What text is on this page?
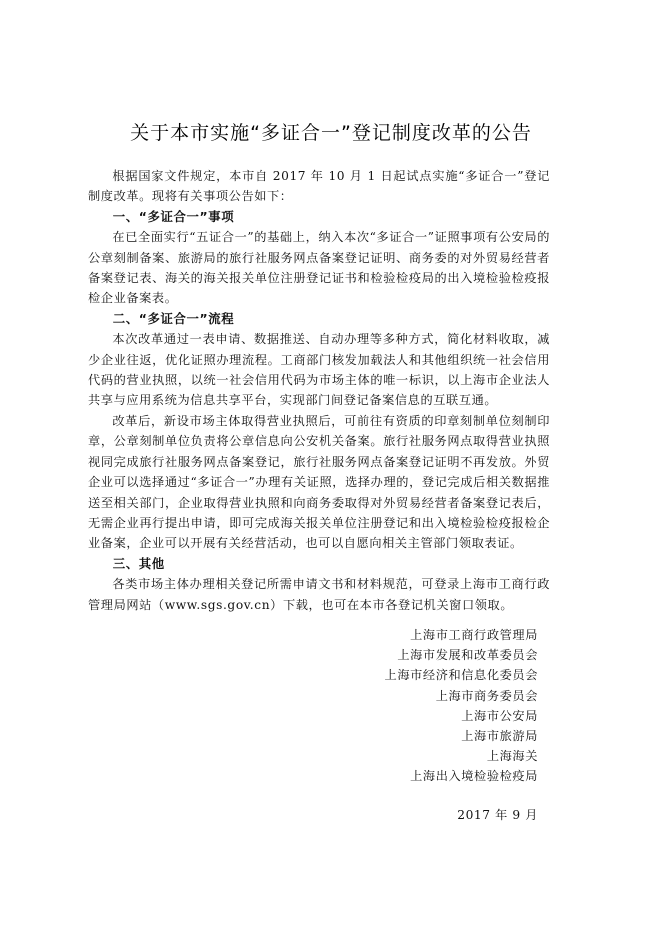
关于本市实施“多证合一”登记制度改革的公告

根据国家文件规定，本市自 2017 年 10 月 1 日起试点实施“多证合一”登记制度改革。现将有关事项公告如下：

一、“多证合一”事项

在已全面实行“五证合一”的基础上，纳入本次“多证合一”证照事项有公安局的公章刻制备案、旅游局的旅行社服务网点备案登记证明、商务委的对外贸易经营者备案登记表、海关的海关报关单位注册登记证书和检验检疫局的出入境检验检疫报检企业备案表。

二、“多证合一”流程

本次改革通过一表申请、数据推送、自动办理等多种方式，简化材料收取，减少企业往返，优化证照办理流程。工商部门核发加载法人和其他组织统一社会信用代码的营业执照，以统一社会信用代码为市场主体的唯一标识，以上海市企业法人共享与应用系统为信息共享平台，实现部门间登记备案信息的互联互通。

改革后，新设市场主体取得营业执照后，可前往有资质的印章刻制单位刻制印章，公章刻制单位负责将公章信息向公安机关备案。旅行社服务网点取得营业执照视同完成旅行社服务网点备案登记，旅行社服务网点备案登记证明不再发放。外贸企业可以选择通过“多证合一”办理有关证照，选择办理的，登记完成后相关数据推送至相关部门，企业取得营业执照和向商务委取得对外贸易经营者备案登记表后，无需企业再行提出申请，即可完成海关报关单位注册登记和出入境检验检疫报检企业备案，企业可以开展有关经营活动，也可以自愿向相关主管部门领取表证。

三、其他

各类市场主体办理相关登记所需申请文书和材料规范，可登录上海市工商行政管理局网站（www.sgs.gov.cn）下载，也可在本市各登记机关窗口领取。

上海市工商行政管理局
上海市发展和改革委员会
上海市经济和信息化委员会
上海市商务委员会
上海市公安局
上海市旅游局
上海海关
上海出入境检验检疫局
2017 年 9 月
